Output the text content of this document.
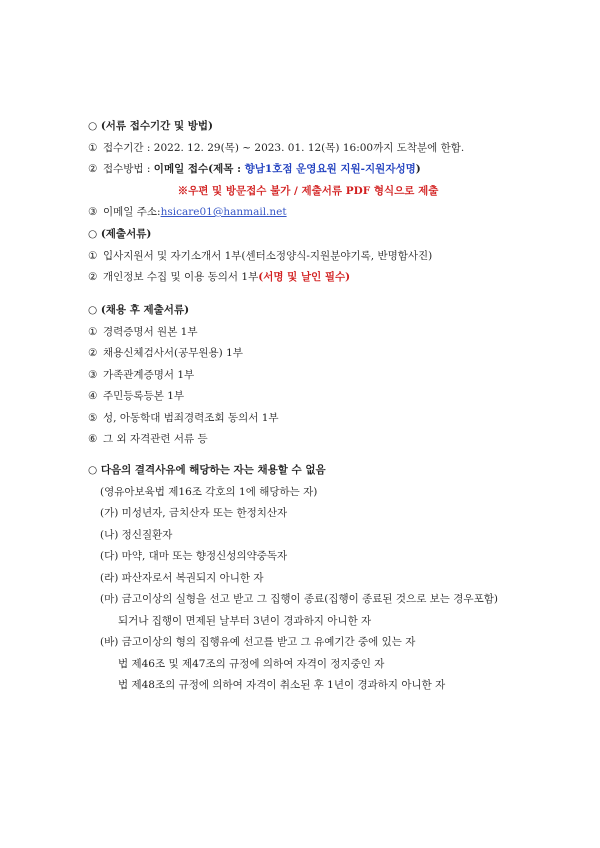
○ (서류 접수기간 및 방법)
① 접수기간 : 2022. 12. 29(목) ~ 2023. 01. 12(목) 16:00까지 도착분에 한함.
② 접수방법 : 이메일 접수(제목 : 향남1호점 운영요원 지원-지원자성명)
※우편 및 방문접수 불가 / 제출서류 PDF 형식으로 제출
③ 이메일 주소:hsicare01@hanmail.net
○ (제출서류)
① 입사지원서 및 자기소개서 1부(센터소정양식-지원분야기록, 반명함사진)
② 개인정보 수집 및 이용 동의서 1부(서명 및 날인 필수)
○ (채용 후 제출서류)
① 경력증명서 원본 1부
② 채용신체검사서(공무원용) 1부
③ 가족관계증명서 1부
④ 주민등록등본 1부
⑤ 성, 아동학대 범죄경력조회 동의서 1부
⑥ 그 외 자격관련 서류 등
○ 다음의 결격사유에 해당하는 자는 채용할 수 없음
(영유아보육법 제16조 각호의 1에 해당하는 자)
(가) 미성년자, 금치산자 또는 한정치산자
(나) 정신질환자
(다) 마약, 대마 또는 향정신성의약중독자
(라) 파산자로서 복권되지 아니한 자
(마) 금고이상의 실형을 선고 받고 그 집행이 종료(집행이 종료된 것으로 보는 경우포함)
되거나 집행이 면제된 날부터 3년이 경과하지 아니한 자
(바) 금고이상의 형의 집행유예 선고를 받고 그 유예기간 중에 있는 자
법 제46조 및 제47조의 규정에 의하여 자격이 정지중인 자
법 제48조의 규정에 의하여 자격이 취소된 후 1년이 경과하지 아니한 자
